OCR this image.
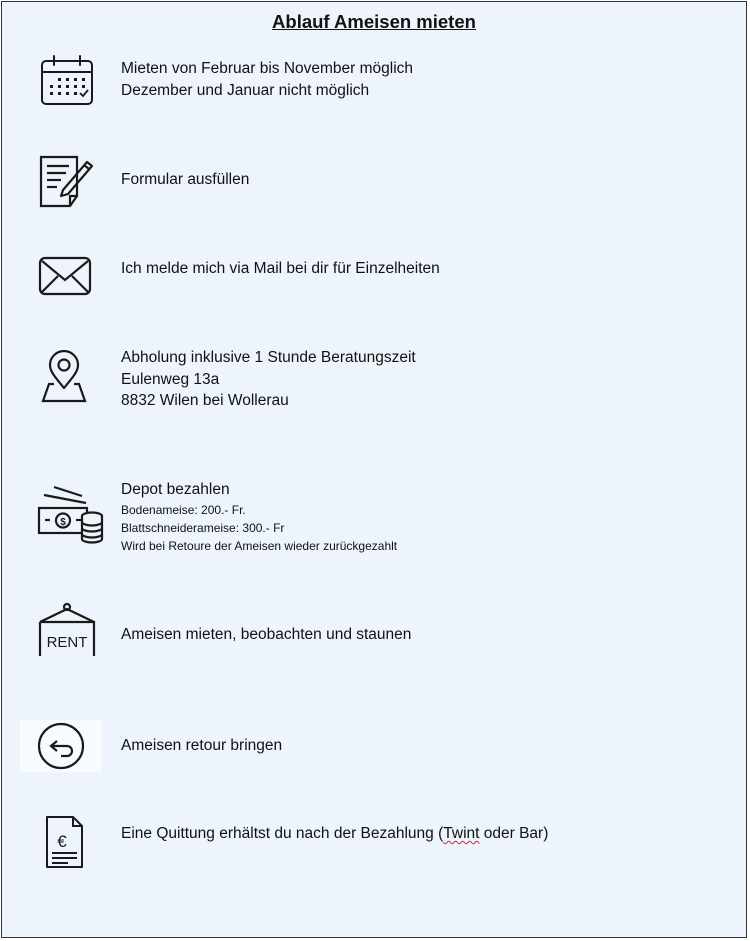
Ablauf Ameisen mieten
Mieten von Februar bis November möglich
Dezember und Januar nicht möglich
Formular ausfüllen
Ich melde mich via Mail bei dir für Einzelheiten
Abholung inklusive 1 Stunde Beratungszeit
Eulenweg 13a
8832 Wilen bei Wollerau
$
Depot bezahlen
Bodenameise: 200.- Fr.
Blattschneiderameise: 300.- Fr
Wird bei Retoure der Ameisen wieder zurückgezahlt
RENT Ameisen mieten, beobachten und staunen
Ameisen retour bringen
€	Eine Quittung erhältst du nach der Bezahlung (Twint oder Bar)
